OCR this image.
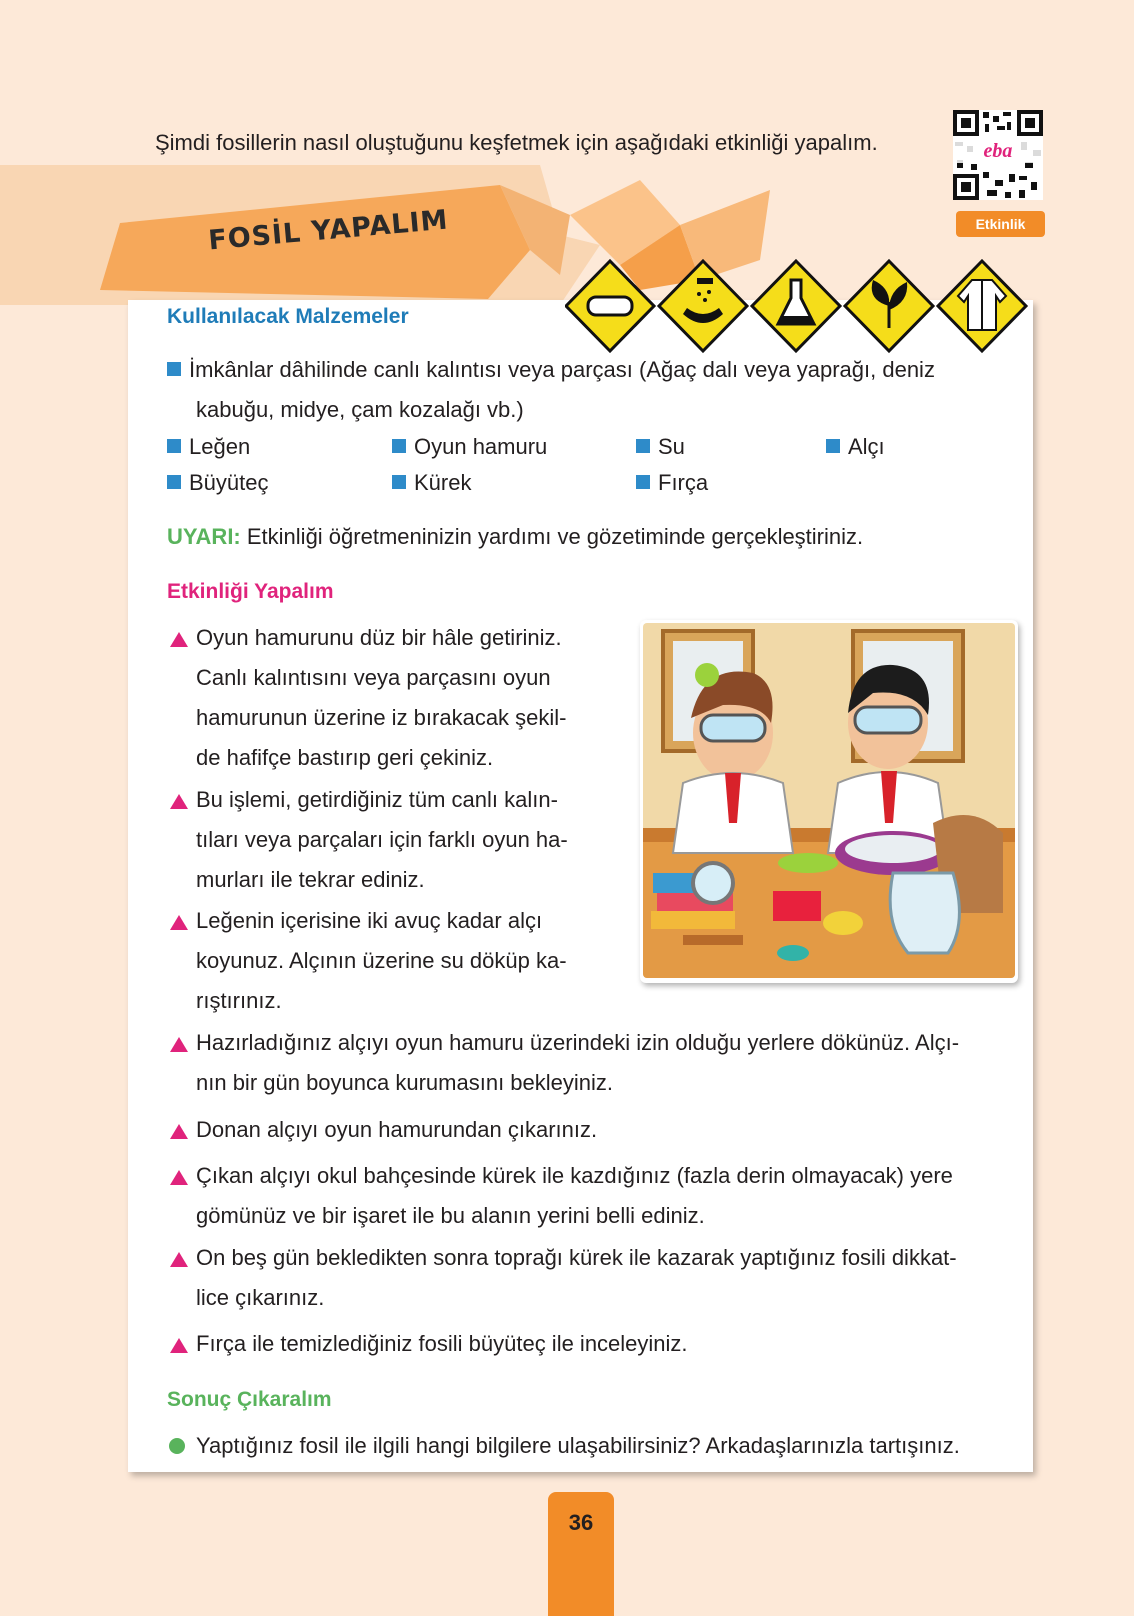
Şimdi fosillerin nasıl oluştuğunu keşfetmek için aşağıdaki etkinliği yapalım.	eba
Etkinlik
FOSİL YAPALIM
Kullanılacak Malzemeler
İmkânlar dâhilinde canlı kalıntısı veya parçası (Ağaç dalı veya yaprağı, deniz
kabuğu, midye, çam kozalağı vb.)
Leğen	Oyun hamuru	Su	Alçı
Büyüteç	Kürek	Fırça
UYARI: Etkinliği öğretmeninizin yardımı ve gözetiminde gerçekleştiriniz.
Etkinliği Yapalım
Oyun hamurunu düz bir hâle getiriniz.
Canlı kalıntısını veya parçasını oyun
hamurunun üzerine iz bırakacak şekil-
de hafifçe bastırıp geri çekiniz.
Bu işlemi, getirdiğiniz tüm canlı kalın-
tıları veya parçaları için farklı oyun ha-
murları ile tekrar ediniz.
Leğenin içerisine iki avuç kadar alçı
koyunuz. Alçının üzerine su döküp ka-
rıştırınız.
Hazırladığınız alçıyı oyun hamuru üzerindeki izin olduğu yerlere dökünüz. Alçı-
nın bir gün boyunca kurumasını bekleyiniz.
Donan alçıyı oyun hamurundan çıkarınız.
Çıkan alçıyı okul bahçesinde kürek ile kazdığınız (fazla derin olmayacak) yere
gömünüz ve bir işaret ile bu alanın yerini belli ediniz.
On beş gün bekledikten sonra toprağı kürek ile kazarak yaptığınız fosili dikkat-
lice çıkarınız.
Fırça ile temizlediğiniz fosili büyüteç ile inceleyiniz.
Sonuç Çıkaralım
Yaptığınız fosil ile ilgili hangi bilgilere ulaşabilirsiniz? Arkadaşlarınızla tartışınız.
36
